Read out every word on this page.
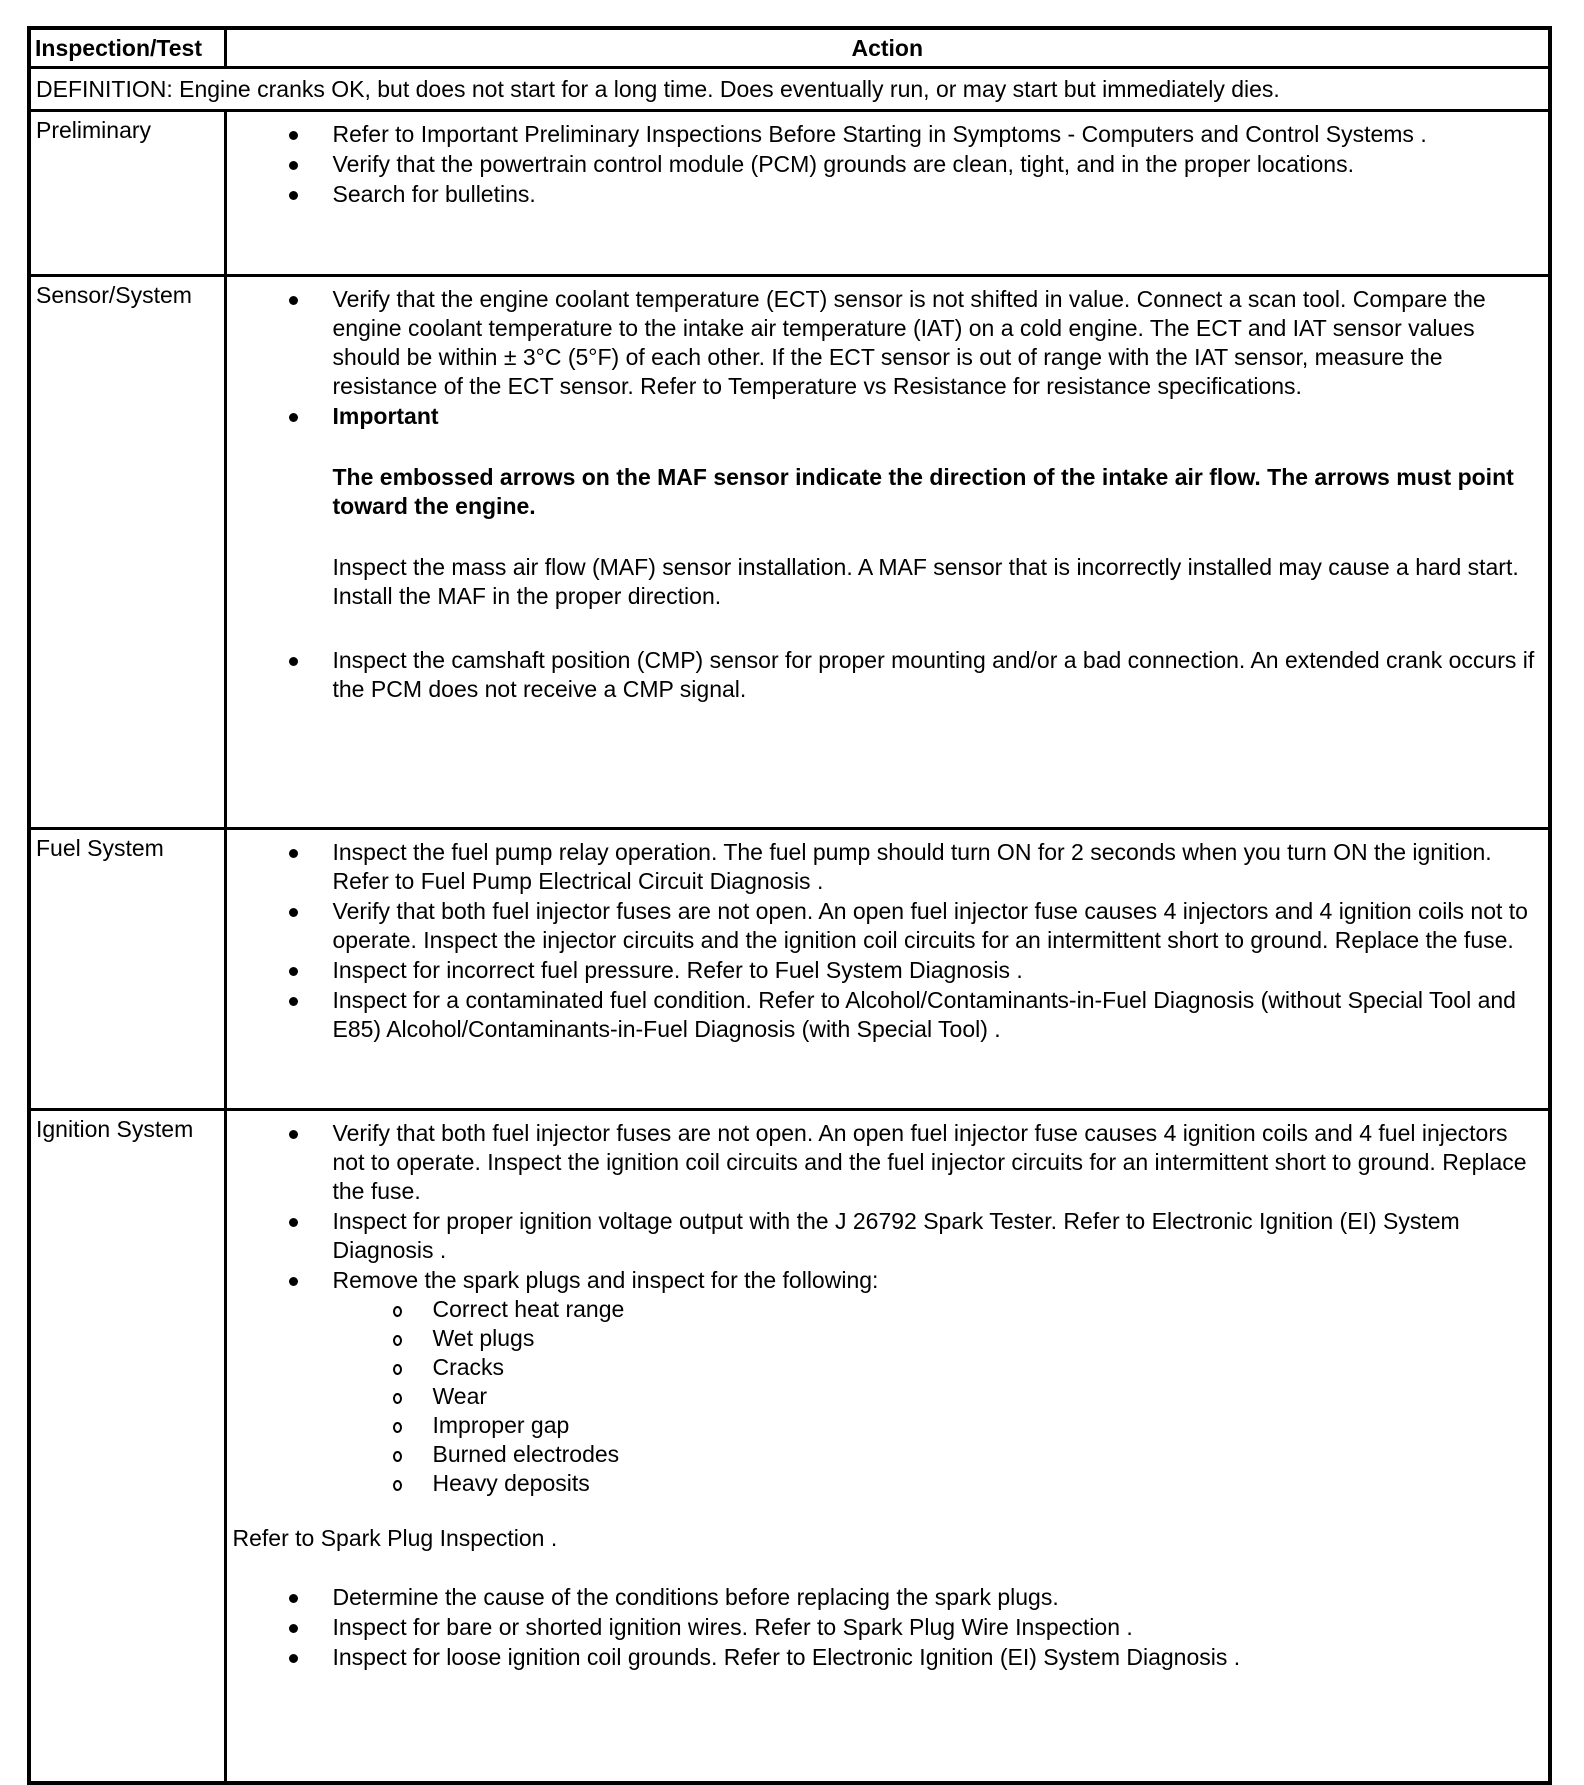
Inspection/Test	Action
DEFINITION: Engine cranks OK, but does not start for a long time. Does eventually run, or may start but immediately dies.	
Preliminary	Refer to Important Preliminary Inspections Before Starting in Symptoms - Computers and Control Systems .
Verify that the powertrain control module (PCM) grounds are clean, tight, and in the proper locations.
Search for bulletins.

Sensor/System	Verify that the engine coolant temperature (ECT) sensor is not shifted in value. Connect a scan tool. Compare the engine coolant temperature to the intake air temperature (IAT) on a cold engine. The ECT and IAT sensor values should be within ± 3°C (5°F) of each other. If the ECT sensor is out of range with the IAT sensor, measure the resistance of the ECT sensor. Refer to Temperature vs Resistance for resistance specifications.
Important
The embossed arrows on the MAF sensor indicate the direction of the intake air flow. The arrows must point toward the engine.
Inspect the mass air flow (MAF) sensor installation. A MAF sensor that is incorrectly installed may cause a hard start. Install the MAF in the proper direction.
Inspect the camshaft position (CMP) sensor for proper mounting and/or a bad connection. An extended crank occurs if the PCM does not receive a CMP signal.

Fuel System	Inspect the fuel pump relay operation. The fuel pump should turn ON for 2 seconds when you turn ON the ignition. Refer to Fuel Pump Electrical Circuit Diagnosis .
Verify that both fuel injector fuses are not open. An open fuel injector fuse causes 4 injectors and 4 ignition coils not to operate. Inspect the injector circuits and the ignition coil circuits for an intermittent short to ground. Replace the fuse.
Inspect for incorrect fuel pressure. Refer to Fuel System Diagnosis .
Inspect for a contaminated fuel condition. Refer to Alcohol/Contaminants-in-Fuel Diagnosis (without Special Tool and E85) Alcohol/Contaminants-in-Fuel Diagnosis (with Special Tool) .

Ignition System	Verify that both fuel injector fuses are not open. An open fuel injector fuse causes 4 ignition coils and 4 fuel injectors not to operate. Inspect the ignition coil circuits and the fuel injector circuits for an intermittent short to ground. Replace the fuse.
Inspect for proper ignition voltage output with the J 26792 Spark Tester. Refer to Electronic Ignition (EI) System Diagnosis .
Remove the spark plugs and inspect for the following:
Correct heat range
Wet plugs
Cracks
Wear
Improper gap
Burned electrodes
Heavy deposits
Refer to Spark Plug Inspection .
Determine the cause of the conditions before replacing the spark plugs.
Inspect for bare or shorted ignition wires. Refer to Spark Plug Wire Inspection .
Inspect for loose ignition coil grounds. Refer to Electronic Ignition (EI) System Diagnosis .
